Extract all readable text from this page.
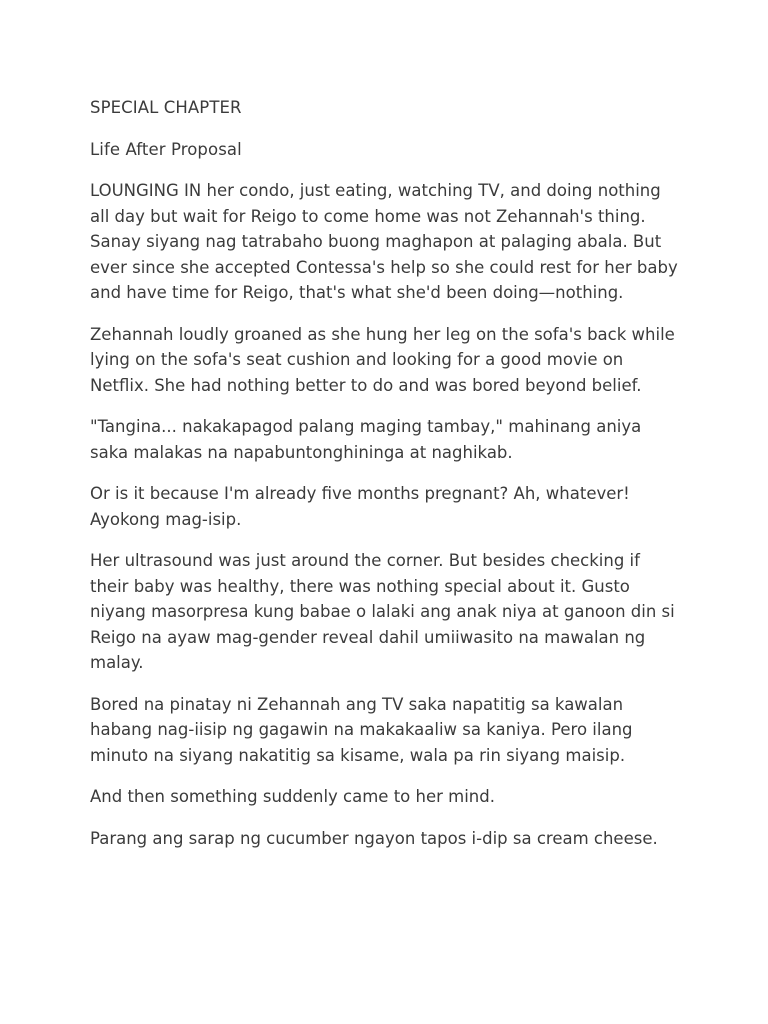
SPECIAL CHAPTER

Life After Proposal

LOUNGING IN her condo, just eating, watching TV, and doing nothing all day but wait for Reigo to come home was not Zehannah's thing. Sanay siyang nag tatrabaho buong maghapon at palaging abala. But ever since she accepted Contessa's help so she could rest for her baby and have time for Reigo, that's what she'd been doing—nothing.

Zehannah loudly groaned as she hung her leg on the sofa's back while lying on the sofa's seat cushion and looking for a good movie on Netflix. She had nothing better to do and was bored beyond belief.

"Tangina... nakakapagod palang maging tambay," mahinang aniya saka malakas na napabuntonghininga at naghikab.

Or is it because I'm already five months pregnant? Ah, whatever! Ayokong mag-isip.

Her ultrasound was just around the corner. But besides checking if their baby was healthy, there was nothing special about it. Gusto niyang masorpresa kung babae o lalaki ang anak niya at ganoon din si Reigo na ayaw mag-gender reveal dahil umiiwasito na mawalan ng malay.

Bored na pinatay ni Zehannah ang TV saka napatitig sa kawalan habang nag-iisip ng gagawin na makakaaliw sa kaniya. Pero ilang minuto na siyang nakatitig sa kisame, wala pa rin siyang maisip.

And then something suddenly came to her mind.

Parang ang sarap ng cucumber ngayon tapos i-dip sa cream cheese.
